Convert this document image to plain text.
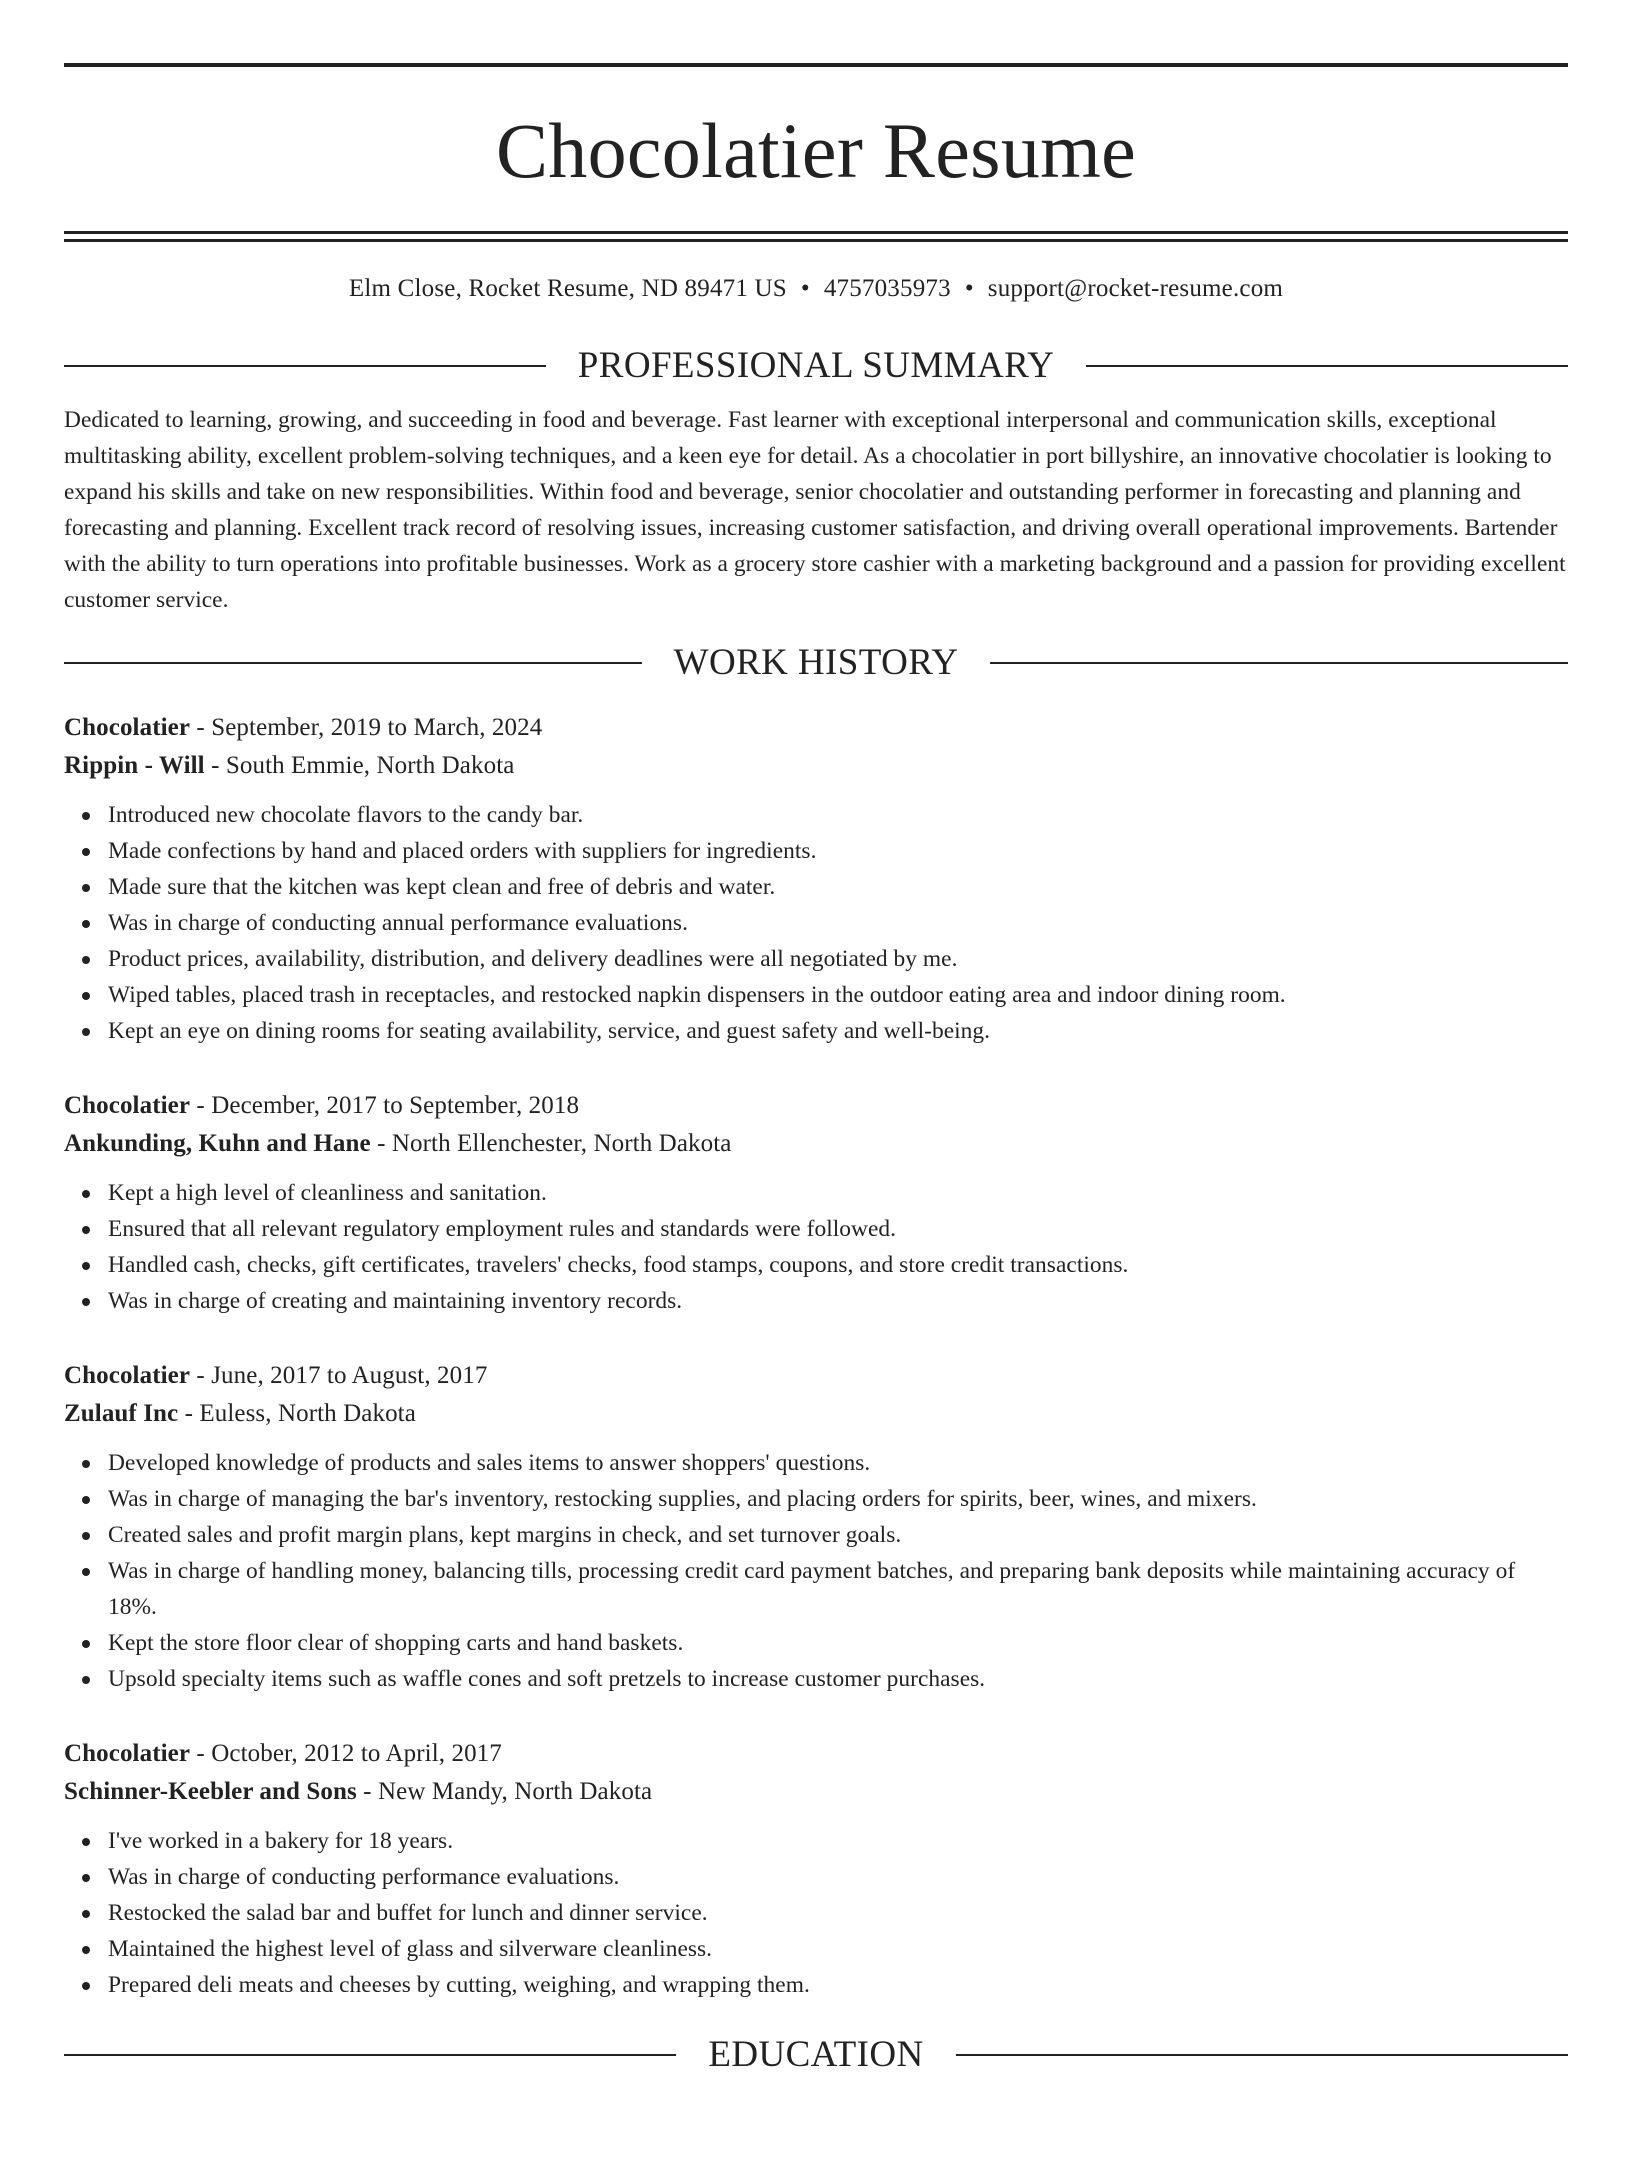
Chocolatier Resume
Elm Close, Rocket Resume, ND 89471 US • 4757035973 • support@rocket-resume.com
PROFESSIONAL SUMMARY

Dedicated to learning, growing, and succeeding in food and beverage. Fast learner with exceptional interpersonal and communication skills, exceptional multitasking ability, excellent problem-solving techniques, and a keen eye for detail. As a chocolatier in port billyshire, an innovative chocolatier is looking to expand his skills and take on new responsibilities. Within food and beverage, senior chocolatier and outstanding performer in forecasting and planning and forecasting and planning. Excellent track record of resolving issues, increasing customer satisfaction, and driving overall operational improvements. Bartender with the ability to turn operations into profitable businesses. Work as a grocery store cashier with a marketing background and a passion for providing excellent customer service.

WORK HISTORY
Chocolatier - September, 2019 to March, 2024
Rippin - Will - South Emmie, North Dakota
Introduced new chocolate flavors to the candy bar.
Made confections by hand and placed orders with suppliers for ingredients.
Made sure that the kitchen was kept clean and free of debris and water.
Was in charge of conducting annual performance evaluations.
Product prices, availability, distribution, and delivery deadlines were all negotiated by me.
Wiped tables, placed trash in receptacles, and restocked napkin dispensers in the outdoor eating area and indoor dining room.
Kept an eye on dining rooms for seating availability, service, and guest safety and well-being.
Chocolatier - December, 2017 to September, 2018
Ankunding, Kuhn and Hane - North Ellenchester, North Dakota
Kept a high level of cleanliness and sanitation.
Ensured that all relevant regulatory employment rules and standards were followed.
Handled cash, checks, gift certificates, travelers' checks, food stamps, coupons, and store credit transactions.
Was in charge of creating and maintaining inventory records.
Chocolatier - June, 2017 to August, 2017
Zulauf Inc - Euless, North Dakota
Developed knowledge of products and sales items to answer shoppers' questions.
Was in charge of managing the bar's inventory, restocking supplies, and placing orders for spirits, beer, wines, and mixers.
Created sales and profit margin plans, kept margins in check, and set turnover goals.
Was in charge of handling money, balancing tills, processing credit card payment batches, and preparing bank deposits while maintaining accuracy of 18%.
Kept the store floor clear of shopping carts and hand baskets.
Upsold specialty items such as waffle cones and soft pretzels to increase customer purchases.
Chocolatier - October, 2012 to April, 2017
Schinner-Keebler and Sons - New Mandy, North Dakota
I've worked in a bakery for 18 years.
Was in charge of conducting performance evaluations.
Restocked the salad bar and buffet for lunch and dinner service.
Maintained the highest level of glass and silverware cleanliness.
Prepared deli meats and cheeses by cutting, weighing, and wrapping them.
EDUCATION
